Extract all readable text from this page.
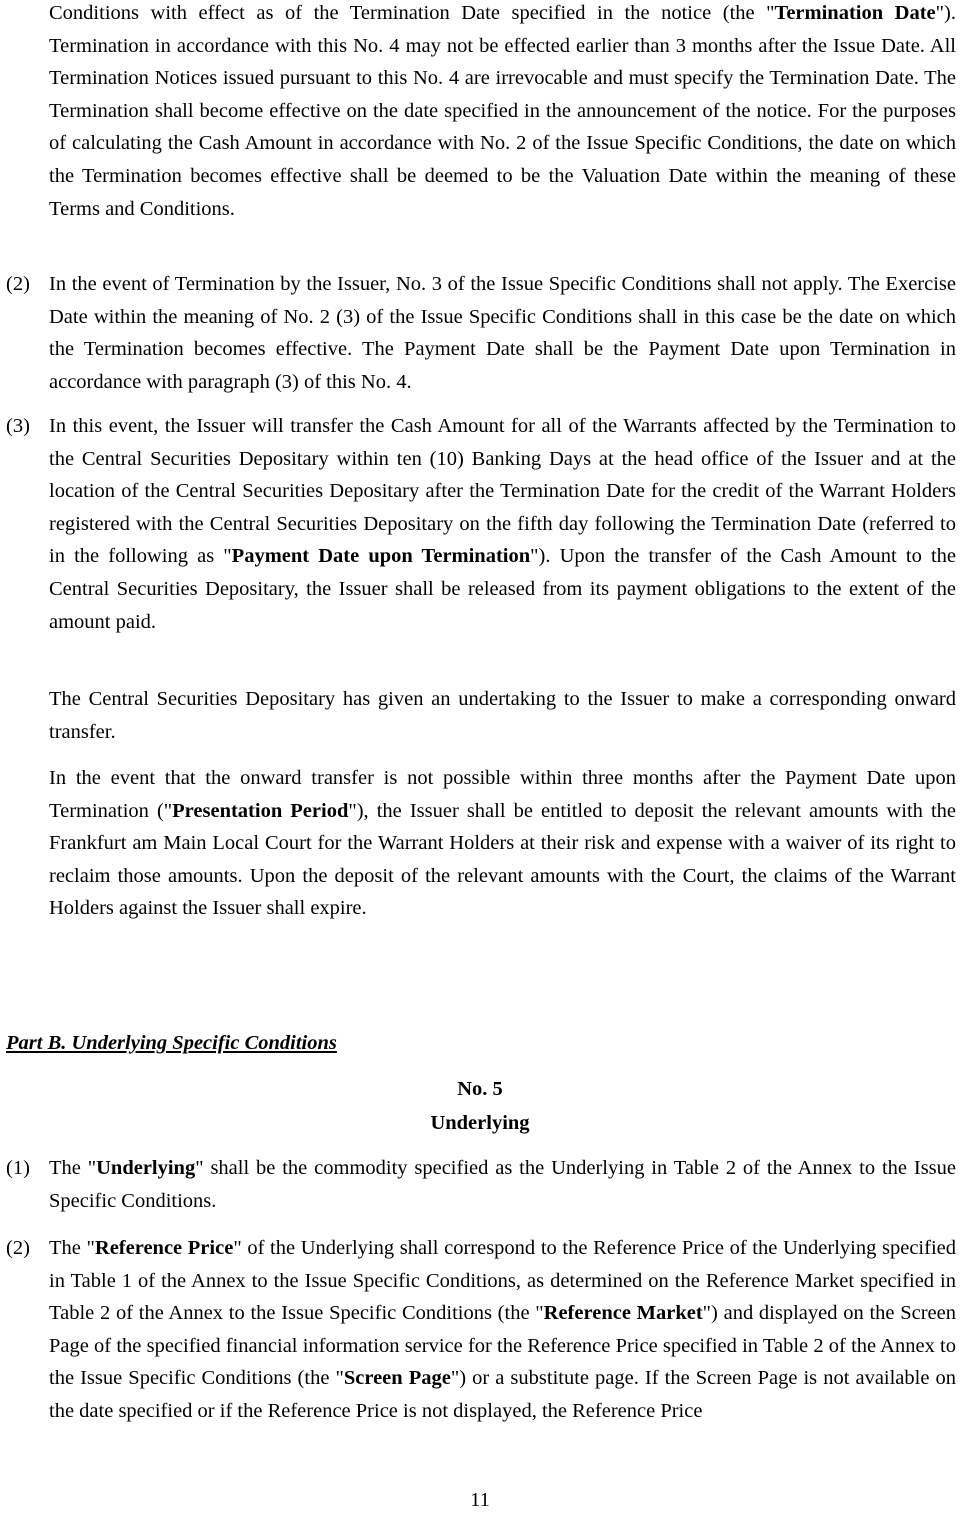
Conditions with effect as of the Termination Date specified in the notice (the "Termination Date"). Termination in accordance with this No. 4 may not be effected earlier than 3 months after the Issue Date. All Termination Notices issued pursuant to this No. 4 are irrevocable and must specify the Termination Date. The Termination shall become effective on the date specified in the announcement of the notice. For the purposes of calculating the Cash Amount in accordance with No. 2 of the Issue Specific Conditions, the date on which the Termination becomes effective shall be deemed to be the Valuation Date within the meaning of these Terms and Conditions.

(2) In the event of Termination by the Issuer, No. 3 of the Issue Specific Conditions shall not apply. The Exercise Date within the meaning of No. 2 (3) of the Issue Specific Conditions shall in this case be the date on which the Termination becomes effective. The Payment Date shall be the Payment Date upon Termination in accordance with paragraph (3) of this No. 4.
(3) In this event, the Issuer will transfer the Cash Amount for all of the Warrants affected by the Termination to the Central Securities Depositary within ten (10) Banking Days at the head office of the Issuer and at the location of the Central Securities Depositary after the Termination Date for the credit of the Warrant Holders registered with the Central Securities Depositary on the fifth day following the Termination Date (referred to in the following as "Payment Date upon Termination"). Upon the transfer of the Cash Amount to the Central Securities Depositary, the Issuer shall be released from its payment obligations to the extent of the amount paid.

The Central Securities Depositary has given an undertaking to the Issuer to make a corresponding onward transfer.

In the event that the onward transfer is not possible within three months after the Payment Date upon Termination ("Presentation Period"), the Issuer shall be entitled to deposit the relevant amounts with the Frankfurt am Main Local Court for the Warrant Holders at their risk and expense with a waiver of its right to reclaim those amounts. Upon the deposit of the relevant amounts with the Court, the claims of the Warrant Holders against the Issuer shall expire.

Part B. Underlying Specific Conditions

No. 5

Underlying

(1) The "Underlying" shall be the commodity specified as the Underlying in Table 2 of the Annex to the Issue Specific Conditions.
(2) The "Reference Price" of the Underlying shall correspond to the Reference Price of the Underlying specified in Table 1 of the Annex to the Issue Specific Conditions, as determined on the Reference Market specified in Table 2 of the Annex to the Issue Specific Conditions (the "Reference Market") and displayed on the Screen Page of the specified financial information service for the Reference Price specified in Table 2 of the Annex to the Issue Specific Conditions (the "Screen Page") or a substitute page. If the Screen Page is not available on the date specified or if the Reference Price is not displayed, the Reference Price

11
